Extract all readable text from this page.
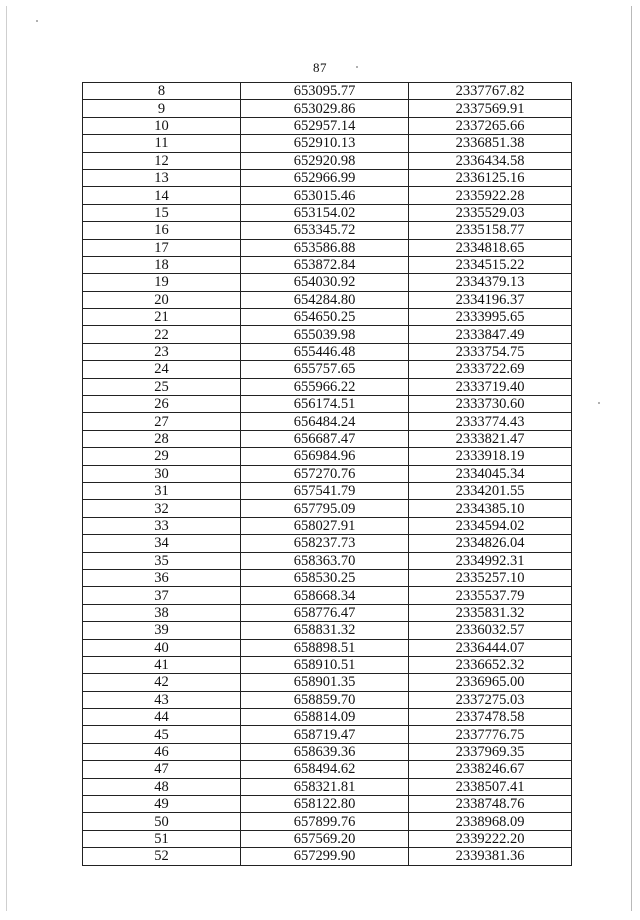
87
8	653095.77	2337767.82
9	653029.86	2337569.91
10	652957.14	2337265.66
11	652910.13	2336851.38
12	652920.98	2336434.58
13	652966.99	2336125.16
14	653015.46	2335922.28
15	653154.02	2335529.03
16	653345.72	2335158.77
17	653586.88	2334818.65
18	653872.84	2334515.22
19	654030.92	2334379.13
20	654284.80	2334196.37
21	654650.25	2333995.65
22	655039.98	2333847.49
23	655446.48	2333754.75
24	655757.65	2333722.69
25	655966.22	2333719.40
26	656174.51	2333730.60
27	656484.24	2333774.43
28	656687.47	2333821.47
29	656984.96	2333918.19
30	657270.76	2334045.34
31	657541.79	2334201.55
32	657795.09	2334385.10
33	658027.91	2334594.02
34	658237.73	2334826.04
35	658363.70	2334992.31
36	658530.25	2335257.10
37	658668.34	2335537.79
38	658776.47	2335831.32
39	658831.32	2336032.57
40	658898.51	2336444.07
41	658910.51	2336652.32
42	658901.35	2336965.00
43	658859.70	2337275.03
44	658814.09	2337478.58
45	658719.47	2337776.75
46	658639.36	2337969.35
47	658494.62	2338246.67
48	658321.81	2338507.41
49	658122.80	2338748.76
50	657899.76	2338968.09
51	657569.20	2339222.20
52	657299.90	2339381.36
